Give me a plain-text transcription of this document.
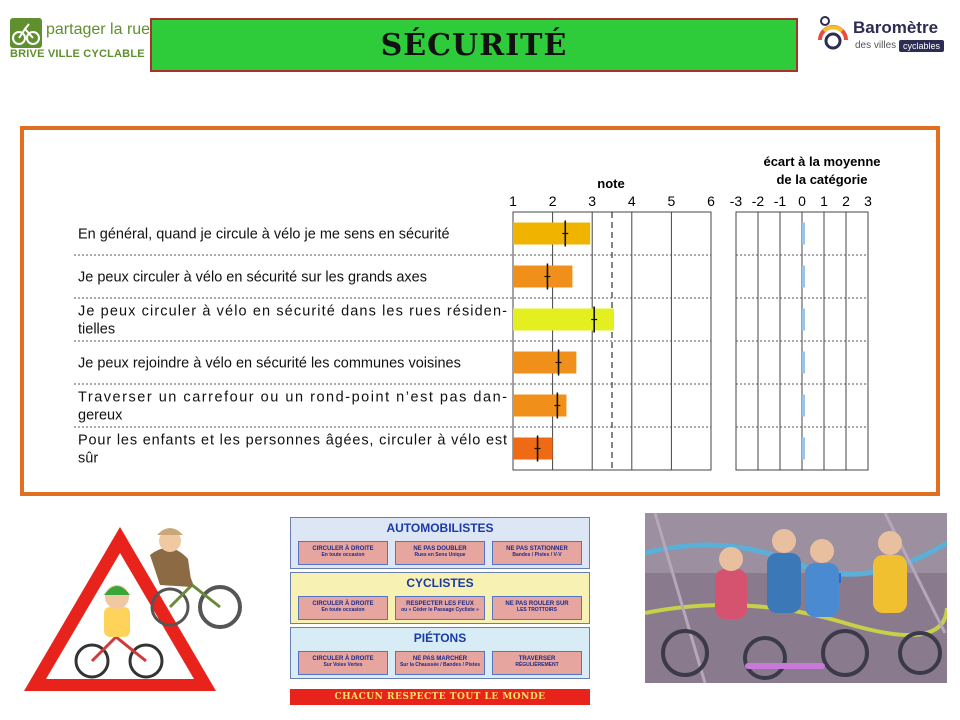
partager la rue
BRIVE VILLE CYCLABLE	SÉCURITÉ	Baromètre
des villes cyclables
note
écart à la moyenne
de la catégorie
1 2 3 4 5 6 -3 -2 -1 0 1 2 3
En général, quand je circule à vélo je me sens en sécurité
Je peux circuler à vélo en sécurité sur les grands axes
Je peux circuler à vélo en sécurité dans les rues résiden-
tielles
Je peux rejoindre à vélo en sécurité les communes voisines
Traverser un carrefour ou un rond-point n’est pas dan-
gereux
Pour les enfants et les personnes âgées, circuler à vélo est
sûr
AUTOMOBILISTES
CIRCULER À DROITE
En toute occasion
NE PAS DOUBLER
Rues en Sens Unique
NE PAS STATIONNER
Bandes / Pistes / V-V
CYCLISTES
CIRCULER À DROITE
En toute occasion
RESPECTER LES FEUX
ou « Céder le Passage Cycliste »
NE PAS ROULER SUR
LES TROTTOIRS
PIÉTONS
CIRCULER À DROITE
Sur Voies Vertes
NE PAS MARCHER
Sur la Chaussée / Bandes / Pistes
TRAVERSER
RÉGULIÈREMENT
CHACUN RESPECTE TOUT LE MONDE
